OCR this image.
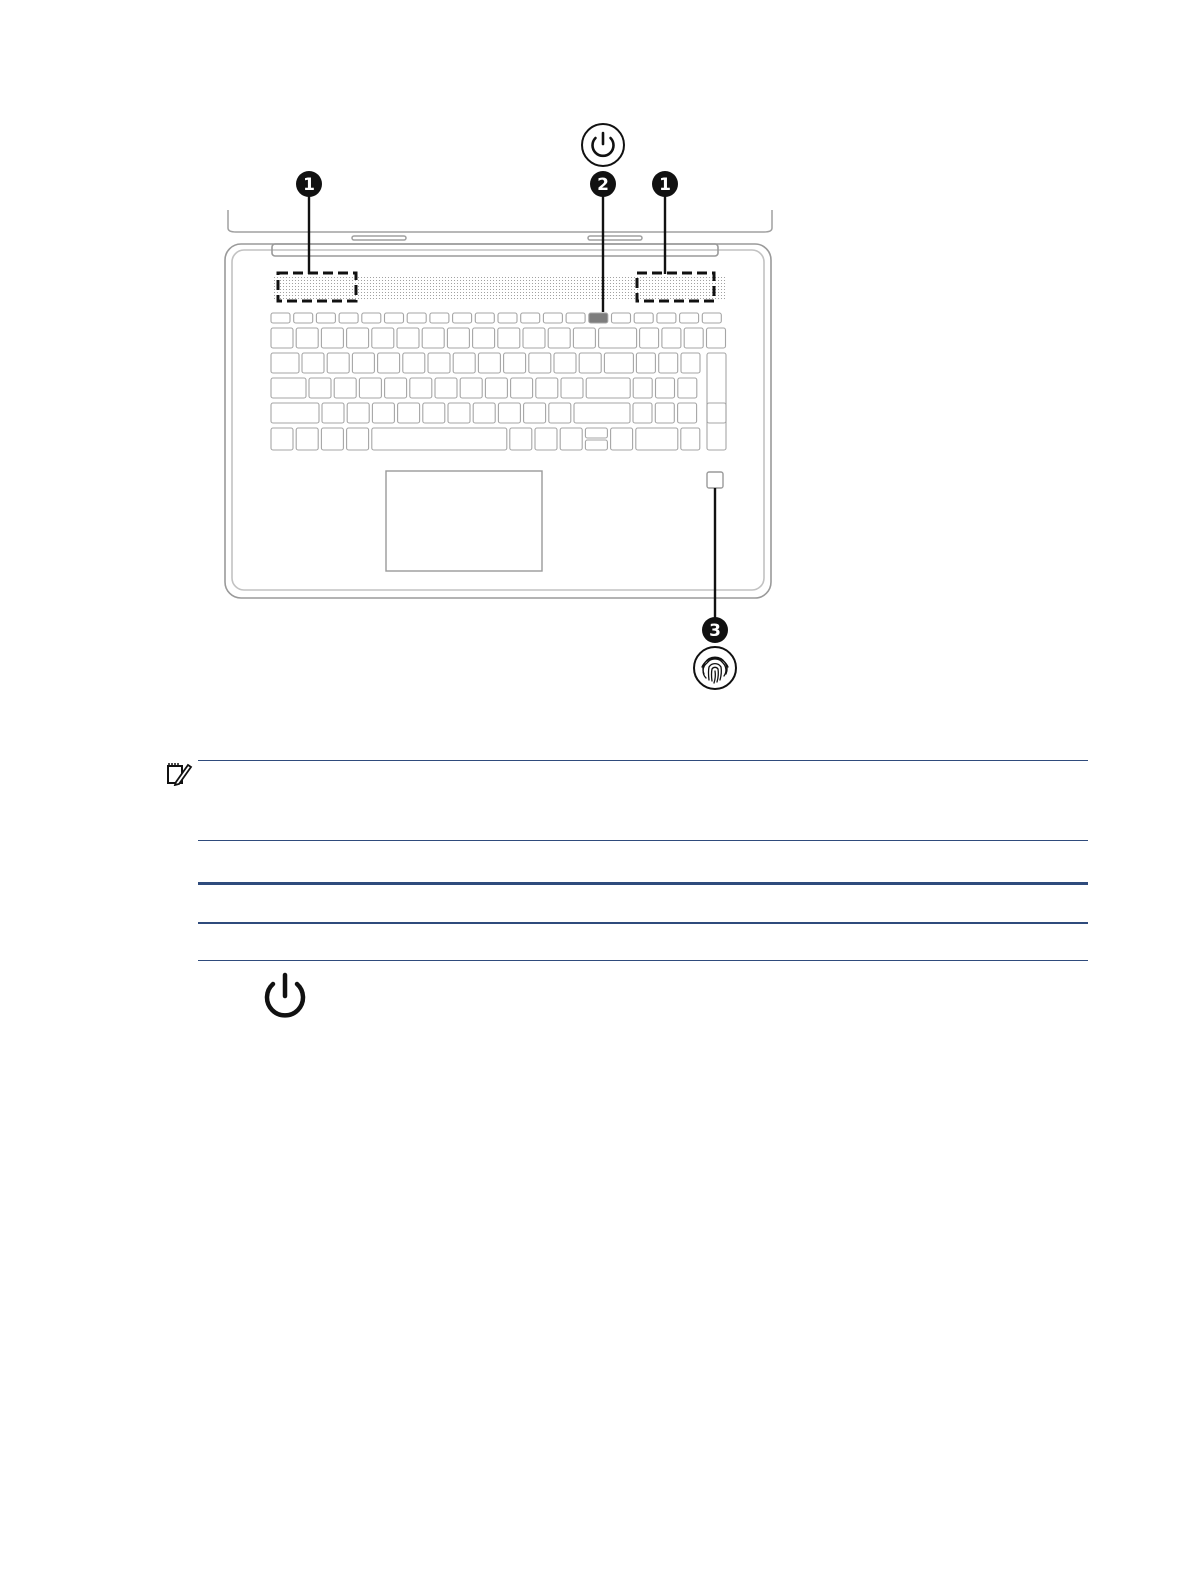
1	2	1
3
